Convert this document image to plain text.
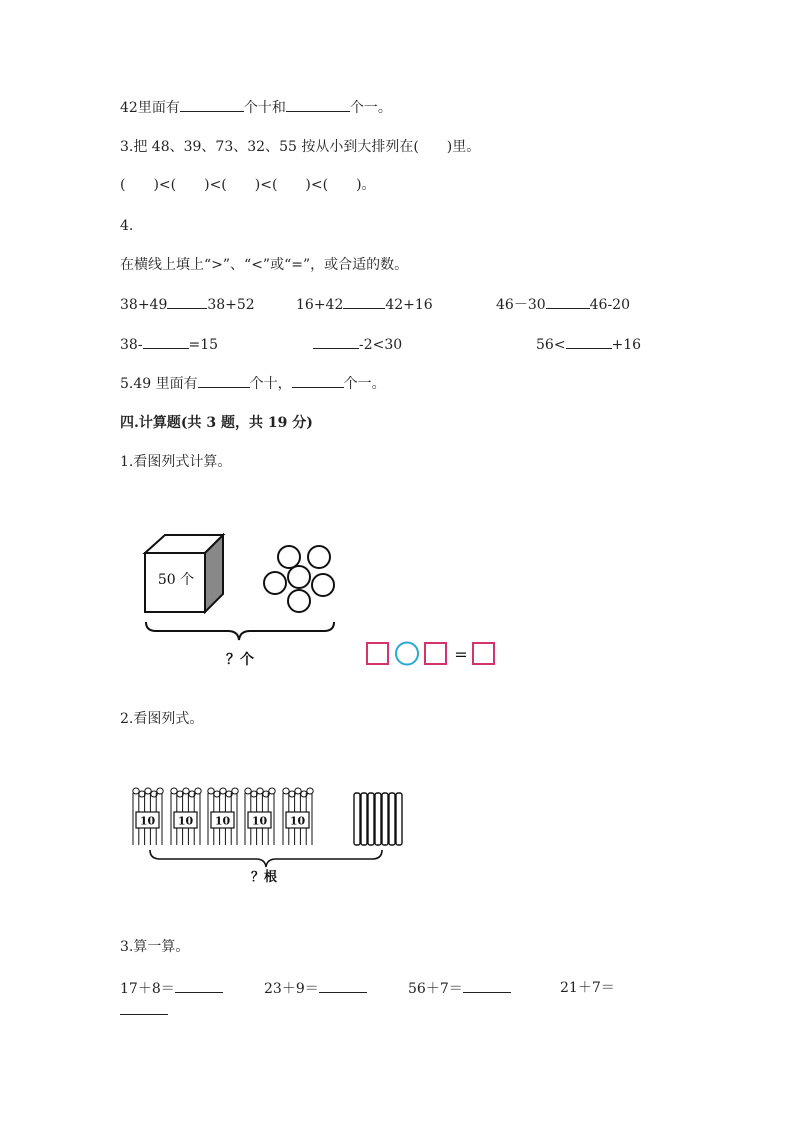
42里面有	个十和	个一。
3.把 48、39、73、32、55 按从小到大排列在(　　)里。
(　　)<(　　)<(　　)<(　　)<(　　)。
4.
在横线上填上“>”、“<”或“=”，或合适的数。
38+49	38+52	16+42	42+16	46－30	46-20
38-	=15	-2<30	56<	+16
5.49 里面有	个十，	个一。
四.计算题(共 3 题，共 19 分)
1.看图列式计算。
50 个
？个	=
2.看图列式。
10 10 10 10 10
？根
3.算一算。
17＋8＝	23＋9＝	56＋7＝	21＋7＝
